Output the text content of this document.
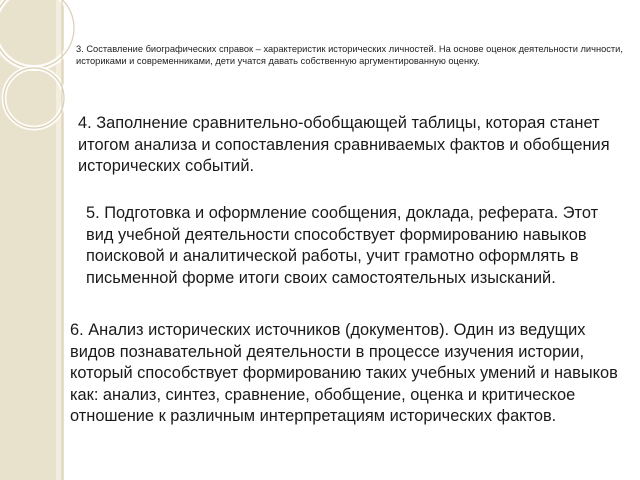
3. Составление биографических справок – характеристик исторических личностей. На основе оценок деятельности личности, историками и современниками, дети учатся давать собственную аргументированную оценку.

4. Заполнение сравнительно-обобщающей таблицы, которая станет итогом анализа и сопоставления сравниваемых фактов и обобщения исторических событий.

5. Подготовка и оформление сообщения, доклада, реферата. Этот вид учебной деятельности способствует формированию навыков поисковой и аналитической работы, учит грамотно оформлять в письменной форме итоги своих самостоятельных изысканий.

6. Анализ исторических источников (документов). Один из ведущих видов познавательной деятельности в процессе изучения истории, который способствует формированию таких учебных умений и навыков как: анализ, синтез, сравнение, обобщение, оценка и критическое отношение к различным интерпретациям исторических фактов.
